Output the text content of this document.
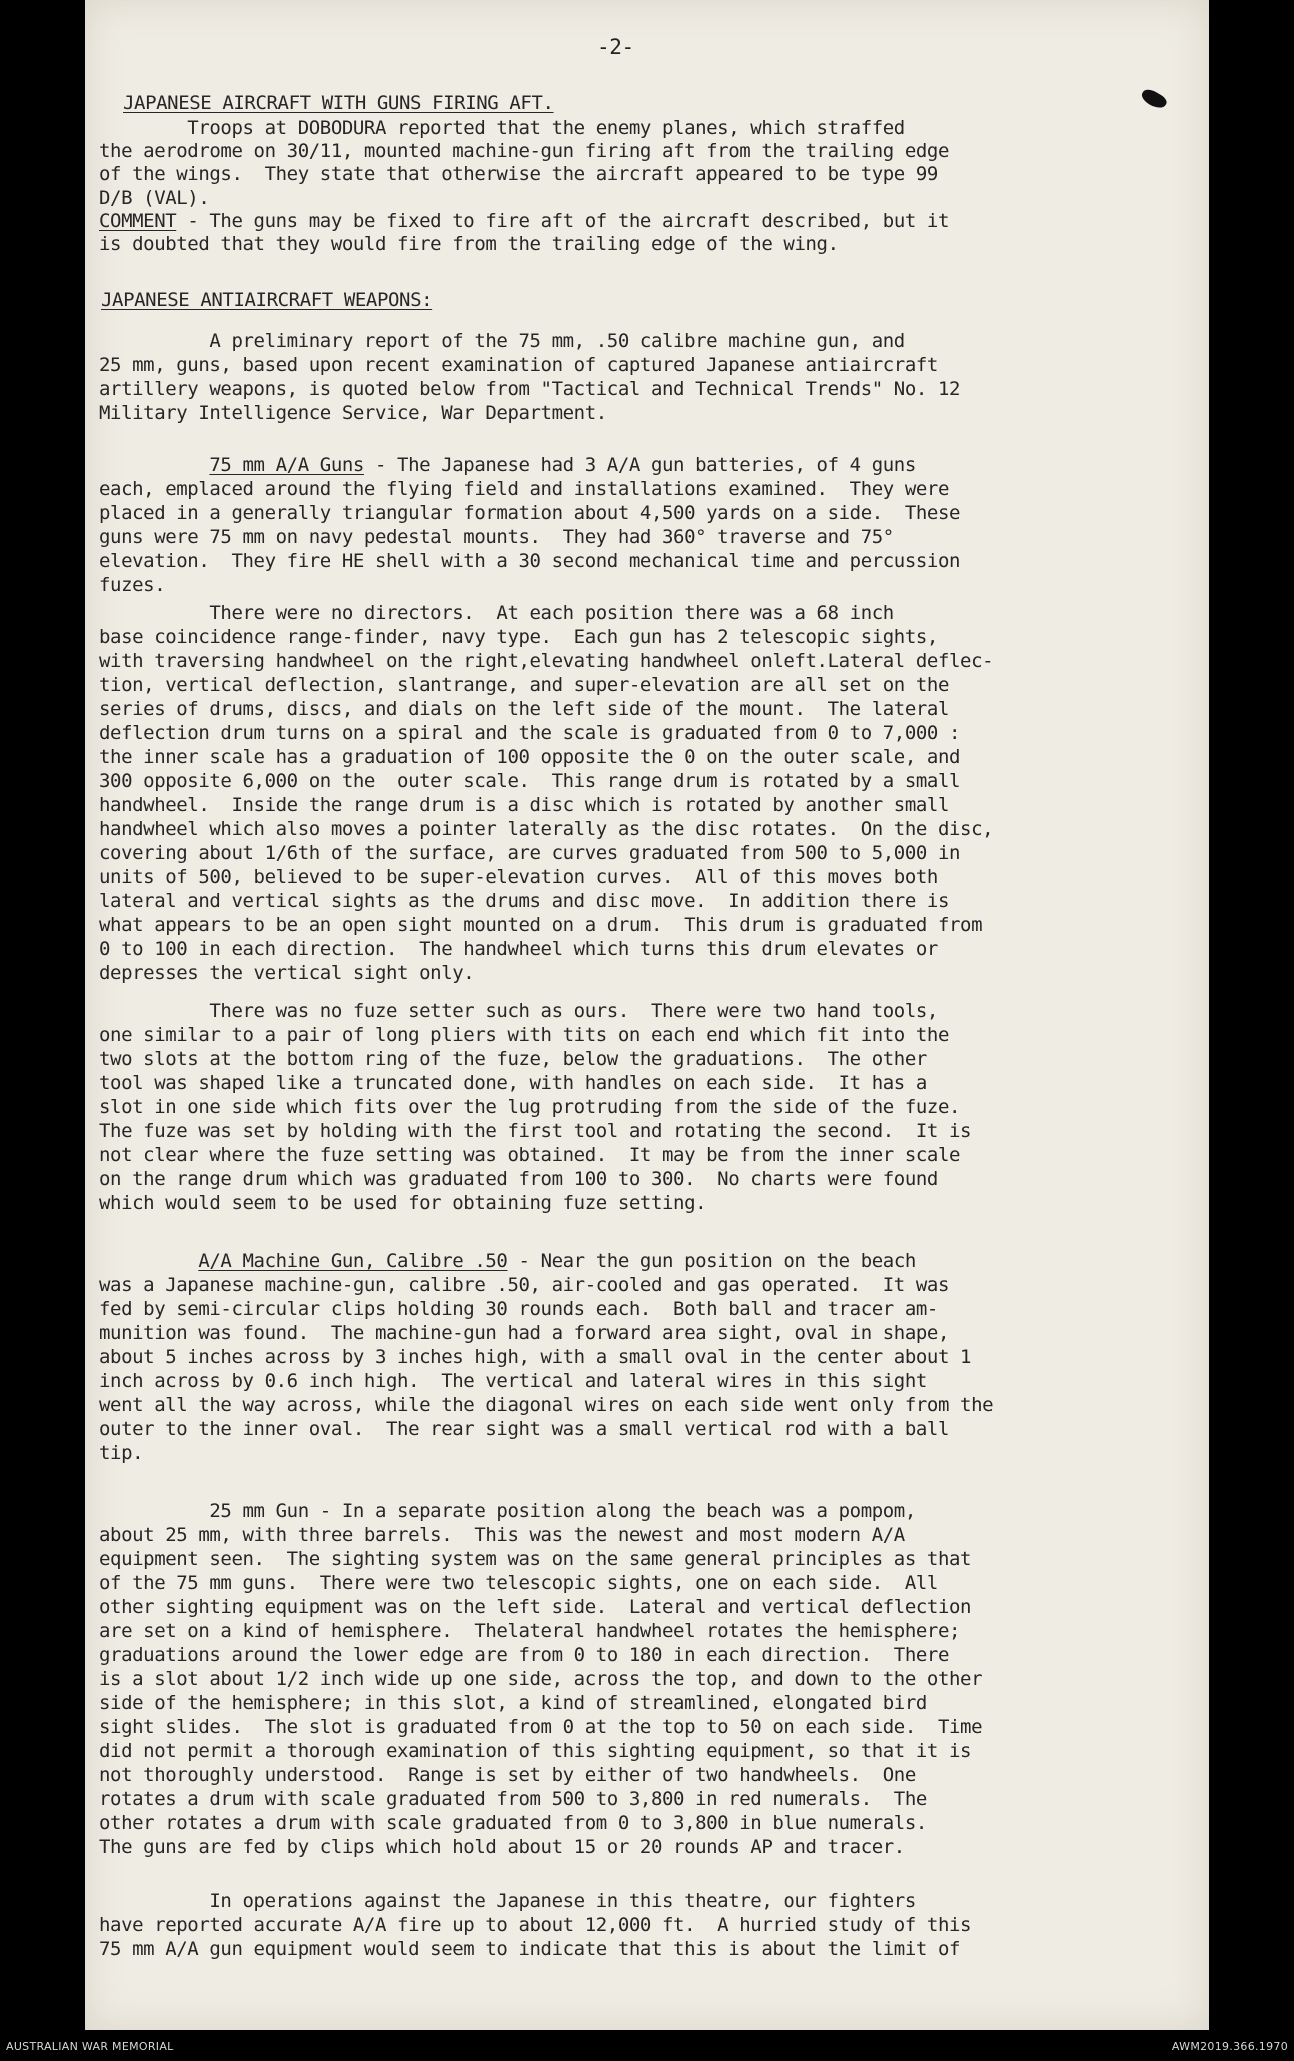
-2-
JAPANESE AIRCRAFT WITH GUNS FIRING AFT.
Troops at DOBODURA reported that the enemy planes, which straffed
the aerodrome on 30/11, mounted machine-gun firing aft from the trailing edge
of the wings.  They state that otherwise the aircraft appeared to be type 99
D/B (VAL).
COMMENT - The guns may be fixed to fire aft of the aircraft described, but it
is doubted that they would fire from the trailing edge of the wing.
JAPANESE ANTIAIRCRAFT WEAPONS:
A preliminary report of the 75 mm, .50 calibre machine gun, and
25 mm, guns, based upon recent examination of captured Japanese antiaircraft
artillery weapons, is quoted below from "Tactical and Technical Trends" No. 12
Military Intelligence Service, War Department.
75 mm A/A Guns - The Japanese had 3 A/A gun batteries, of 4 guns
each, emplaced around the flying field and installations examined.  They were
placed in a generally triangular formation about 4,500 yards on a side.  These
guns were 75 mm on navy pedestal mounts.  They had 360° traverse and 75°
elevation.  They fire HE shell with a 30 second mechanical time and percussion
fuzes.
There were no directors.  At each position there was a 68 inch
base coincidence range-finder, navy type.  Each gun has 2 telescopic sights,
with traversing handwheel on the right,elevating handwheel onleft.Lateral deflec-
tion, vertical deflection, slantrange, and super-elevation are all set on the
series of drums, discs, and dials on the left side of the mount.  The lateral
deflection drum turns on a spiral and the scale is graduated from 0 to 7,000 :
the inner scale has a graduation of 100 opposite the 0 on the outer scale, and
300 opposite 6,000 on the  outer scale.  This range drum is rotated by a small
handwheel.  Inside the range drum is a disc which is rotated by another small
handwheel which also moves a pointer laterally as the disc rotates.  On the disc,
covering about 1/6th of the surface, are curves graduated from 500 to 5,000 in
units of 500, believed to be super-elevation curves.  All of this moves both
lateral and vertical sights as the drums and disc move.  In addition there is
what appears to be an open sight mounted on a drum.  This drum is graduated from
0 to 100 in each direction.  The handwheel which turns this drum elevates or
depresses the vertical sight only.
There was no fuze setter such as ours.  There were two hand tools,
one similar to a pair of long pliers with tits on each end which fit into the
two slots at the bottom ring of the fuze, below the graduations.  The other
tool was shaped like a truncated done, with handles on each side.  It has a
slot in one side which fits over the lug protruding from the side of the fuze.
The fuze was set by holding with the first tool and rotating the second.  It is
not clear where the fuze setting was obtained.  It may be from the inner scale
on the range drum which was graduated from 100 to 300.  No charts were found
which would seem to be used for obtaining fuze setting.
A/A Machine Gun, Calibre .50 - Near the gun position on the beach
was a Japanese machine-gun, calibre .50, air-cooled and gas operated.  It was
fed by semi-circular clips holding 30 rounds each.  Both ball and tracer am-
munition was found.  The machine-gun had a forward area sight, oval in shape,
about 5 inches across by 3 inches high, with a small oval in the center about 1
inch across by 0.6 inch high.  The vertical and lateral wires in this sight
went all the way across, while the diagonal wires on each side went only from the
outer to the inner oval.  The rear sight was a small vertical rod with a ball
tip.
25 mm Gun - In a separate position along the beach was a pompom,
about 25 mm, with three barrels.  This was the newest and most modern A/A
equipment seen.  The sighting system was on the same general principles as that
of the 75 mm guns.  There were two telescopic sights, one on each side.  All
other sighting equipment was on the left side.  Lateral and vertical deflection
are set on a kind of hemisphere.  Thelateral handwheel rotates the hemisphere;
graduations around the lower edge are from 0 to 180 in each direction.  There
is a slot about 1/2 inch wide up one side, across the top, and down to the other
side of the hemisphere; in this slot, a kind of streamlined, elongated bird
sight slides.  The slot is graduated from 0 at the top to 50 on each side.  Time
did not permit a thorough examination of this sighting equipment, so that it is
not thoroughly understood.  Range is set by either of two handwheels.  One
rotates a drum with scale graduated from 500 to 3,800 in red numerals.  The
other rotates a drum with scale graduated from 0 to 3,800 in blue numerals.
The guns are fed by clips which hold about 15 or 20 rounds AP and tracer.
In operations against the Japanese in this theatre, our fighters
have reported accurate A/A fire up to about 12,000 ft.  A hurried study of this
75 mm A/A gun equipment would seem to indicate that this is about the limit of
AUSTRALIAN WAR MEMORIAL	AWM2019.366.1970
